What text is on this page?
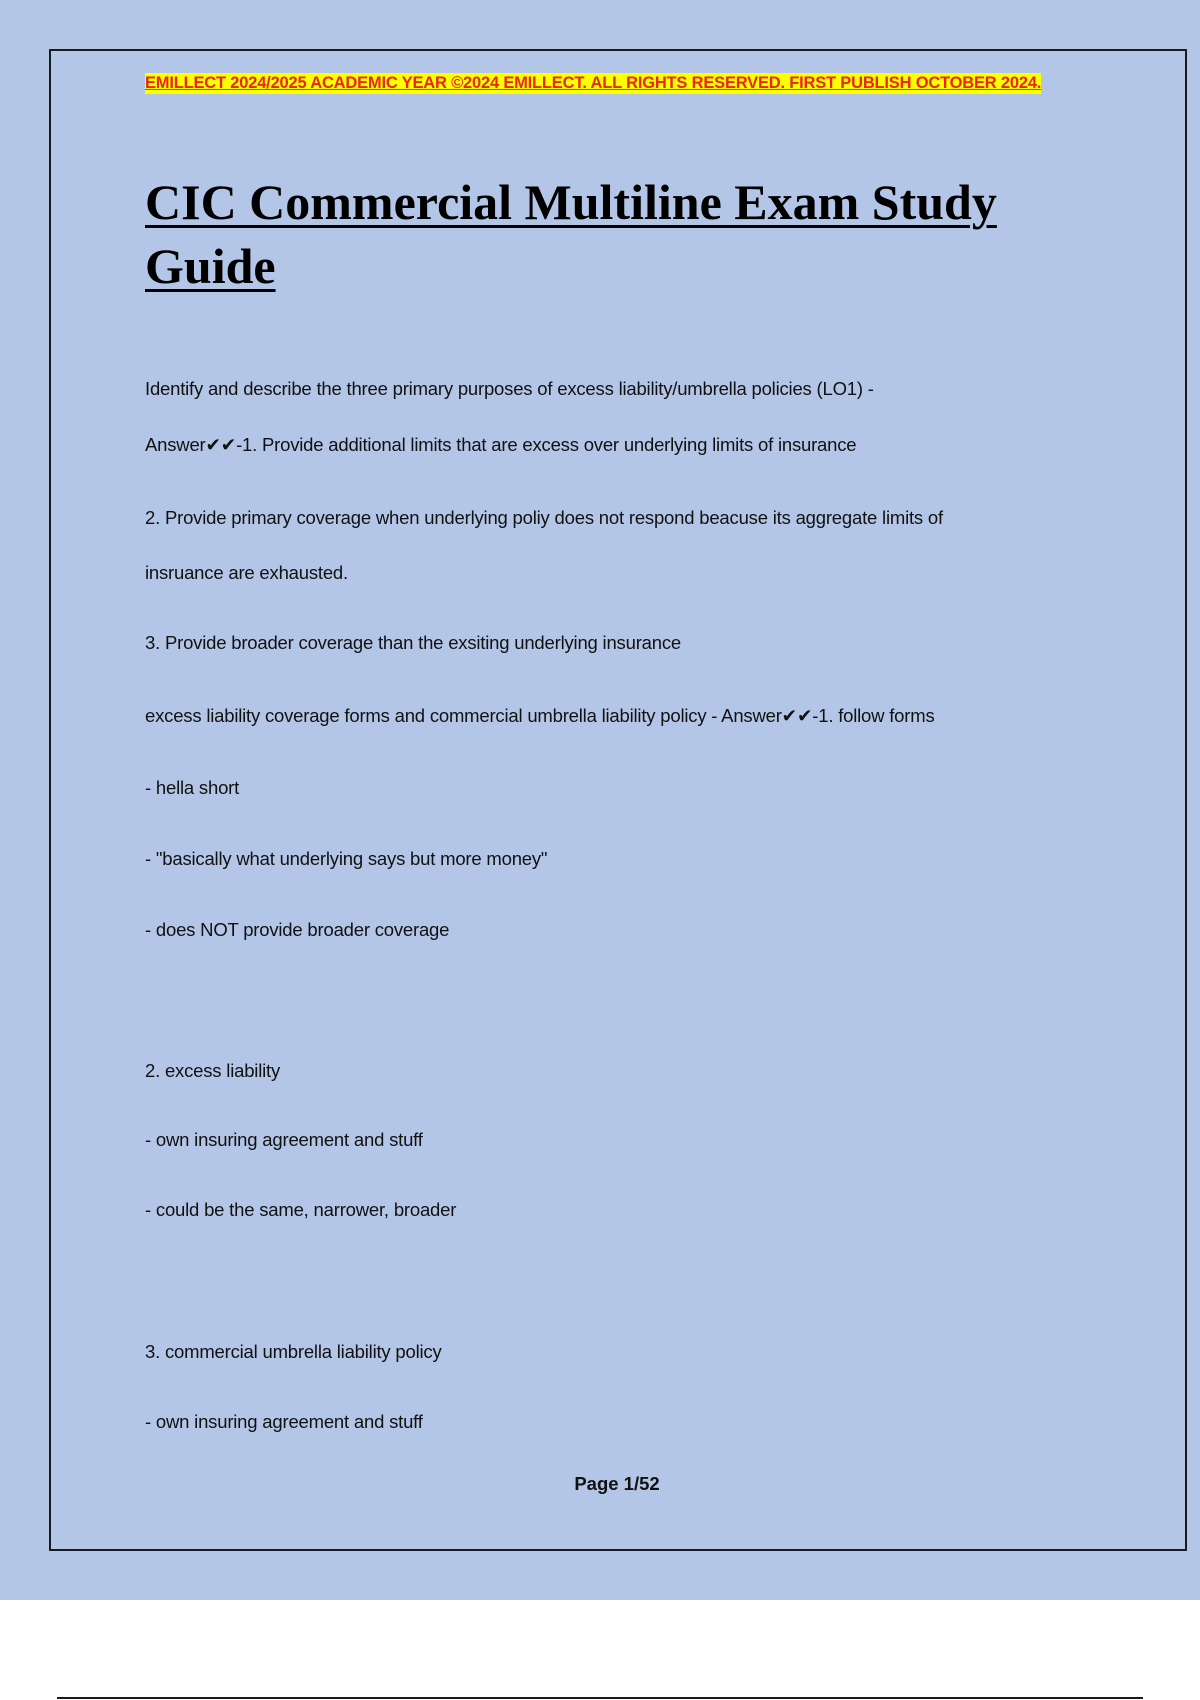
EMILLECT 2024/2025 ACADEMIC YEAR ©2024 EMILLECT. ALL RIGHTS RESERVED. FIRST PUBLISH OCTOBER 2024.
CIC Commercial Multiline Exam Study Guide
Identify and describe the three primary purposes of excess liability/umbrella policies (LO1) -
Answer✔✔-1. Provide additional limits that are excess over underlying limits of insurance
2. Provide primary coverage when underlying poliy does not respond beacuse its aggregate limits of
insruance are exhausted.
3. Provide broader coverage than the exsiting underlying insurance
excess liability coverage forms and commercial umbrella liability policy - Answer✔✔-1. follow forms
- hella short
- "basically what underlying says but more money"
- does NOT provide broader coverage
2. excess liability
- own insuring agreement and stuff
- could be the same, narrower, broader
3. commercial umbrella liability policy
- own insuring agreement and stuff
Page 1/52
